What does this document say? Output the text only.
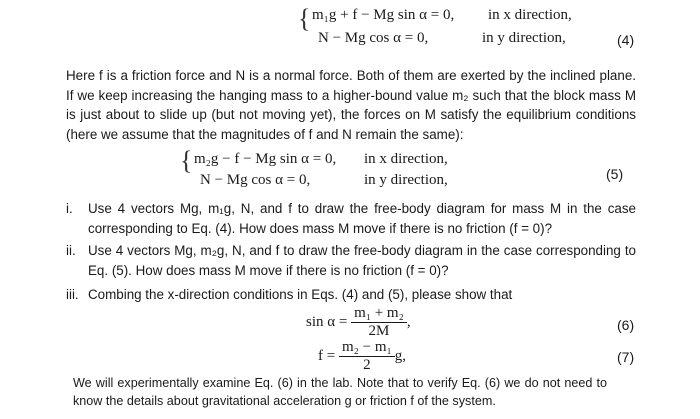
{ m₁g + f − Mg sin α = 0, in x direction,
N − Mg cos α = 0,	in y direction,	(4)

Here f is a friction force and N is a normal force. Both of them are exerted by the inclined plane. If we keep increasing the hanging mass to a higher-bound value m₂ such that the block mass M is just about to slide up (but not moving yet), the forces on M satisfy the equilibrium conditions (here we assume that the magnitudes of f and N remain the same):

{ m₂g − f − Mg sin α = 0, in x direction,
N − Mg cos α = 0,	in y direction,	(5)
i. Use 4 vectors Mg, m₁g, N, and f to draw the free-body diagram for mass M in the case corresponding to Eq. (4). How does mass M move if there is no friction (f = 0)?
ii. Use 4 vectors Mg, m₂g, N, and f to draw the free-body diagram in the case corresponding to Eq. (5). How does mass M move if there is no friction (f = 0)?
iii. Combing the x-direction conditions in Eqs. (4) and (5), please show that
$\sin \alpha = \frac{\text{m₁ + m₂}}{2M}$ ,	(6)
$f = \frac{\text{m₂ − m₁}}{2} g$,	(7)

We will experimentally examine Eq. (6) in the lab. Note that to verify Eq. (6) we do not need to know the details about gravitational acceleration g or friction f of the system.
